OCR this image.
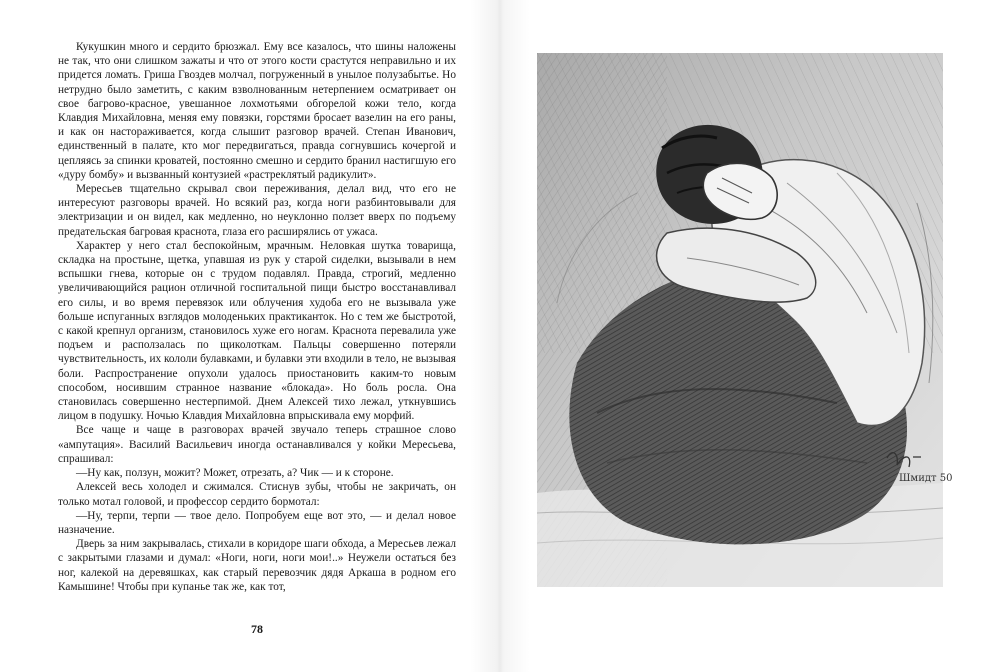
Кукушкин много и сердито брюзжал. Ему все казалось, что шины наложены не так, что они слишком зажаты и что от этого кости срастутся неправильно и их придется ломать. Гриша Гвоздев молчал, погруженный в унылое полузабытье. Но нетрудно было заметить, с каким взволнованным нетерпением осматривает он свое багрово-красное, увешанное лохмотьями обгорелой кожи тело, когда Клавдия Михайловна, меняя ему повязки, горстями бросает вазелин на его раны, и как он настораживается, когда слышит разговор врачей. Степан Иванович, единственный в палате, кто мог передвигаться, правда согнувшись кочергой и цепляясь за спинки кроватей, постоянно смешно и сердито бранил настигшую его «дуру бомбу» и вызванный контузией «растреклятый радикулит».

Мересьев тщательно скрывал свои переживания, делал вид, что его не интересуют разговоры врачей. Но всякий раз, когда ноги разбинтовывали для электризации и он видел, как медленно, но неуклонно ползет вверх по подъему предательская багровая краснота, глаза его расширялись от ужаса.

Характер у него стал беспокойным, мрачным. Неловкая шутка товарища, складка на простыне, щетка, упавшая из рук у старой сиделки, вызывали в нем вспышки гнева, которые он с трудом подавлял. Правда, строгий, медленно увеличивающийся рацион отличной госпитальной пищи быстро восстанавливал его силы, и во время перевязок или облучения худоба его не вызывала уже больше испуганных взглядов молоденьких практиканток. Но с тем же быстротой, с какой крепнул организм, становилось хуже его ногам. Краснота перевалила уже подъем и расползалась по щиколоткам. Пальцы совершенно потеряли чувствительность, их кололи булавками, и булавки эти входили в тело, не вызывая боли. Распространение опухоли удалось приостановить каким-то новым способом, носившим странное название «блокада». Но боль росла. Она становилась совершенно нестерпимой. Днем Алексей тихо лежал, уткнувшись лицом в подушку. Ночью Клавдия Михайловна впрыскивала ему морфий.

Все чаще и чаще в разговорах врачей звучало теперь страшное слово «ампутация». Василий Васильевич иногда останавливался у койки Мересьева, спрашивал:

—Ну как, ползун, можит? Может, отрезать, а? Чик — и к стороне.

Алексей весь холодел и сжимался. Стиснув зубы, чтобы не закричать, он только мотал головой, и профессор сердито бормотал:

—Ну, терпи, терпи — твое дело. Попробуем еще вот это, — и делал новое назначение.

Дверь за ним закрывалась, стихали в коридоре шаги обхода, а Мересьев лежал с закрытыми глазами и думал: «Ноги, ноги, ноги мои!..» Неужели остаться без ног, калекой на деревяшках, как старый перевозчик дядя Аркаша в родном его Камышине! Чтобы при купанье так же, как тот,

78
Шмидт 50
